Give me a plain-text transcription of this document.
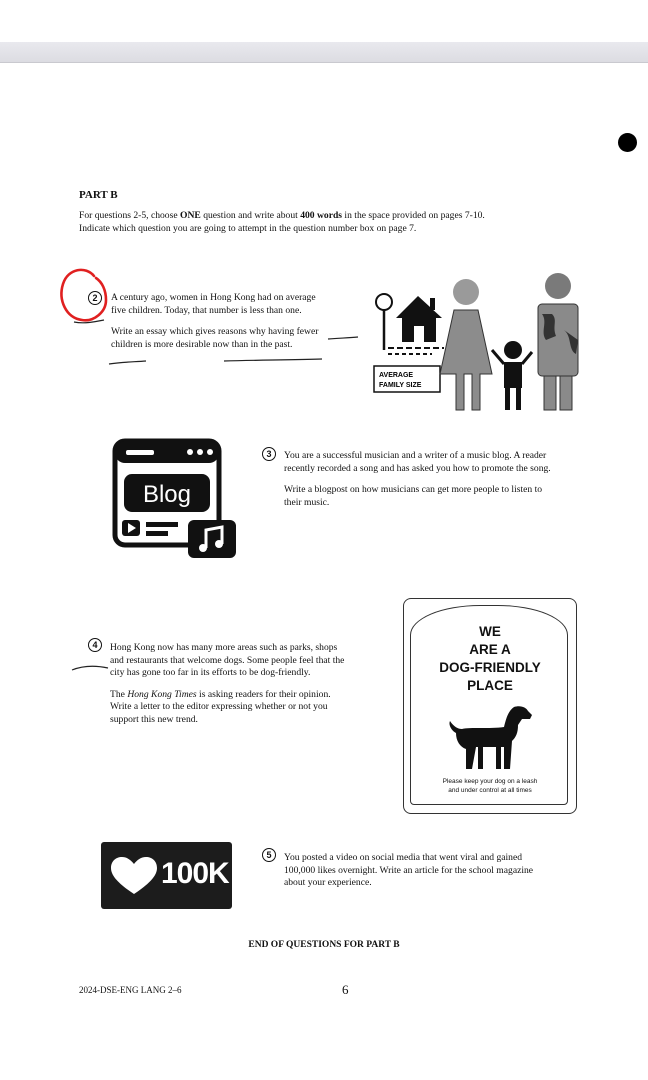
PART B
For questions 2-5, choose ONE question and write about 400 words in the space provided on pages 7-10.
Indicate which question you are going to attempt in the question number box on page 7.
2	A century ago, women in Hong Kong had on average
five children. Today, that number is less than one.
Write an essay which gives reasons why having fewer
children is more desirable now than in the past.
AVERAGE
FAMILY SIZE
Blog
3	You are a successful musician and a writer of a music blog. A reader
recently recorded a song and has asked you how to promote the song.
Write a blogpost on how musicians can get more people to listen to
their music.
4	Hong Kong now has many more areas such as parks, shops
and restaurants that welcome dogs. Some people feel that the
city has gone too far in its efforts to be dog-friendly.
The Hong Kong Times is asking readers for their opinion.
Write a letter to the editor expressing whether or not you
support this new trend.
WE
ARE A
DOG-FRIENDLY
PLACE
Please keep your dog on a leash
and under control at all times
100K
5	You posted a video on social media that went viral and gained
100,000 likes overnight. Write an article for the school magazine
about your experience.
END OF QUESTIONS FOR PART B
2024-DSE-ENG LANG 2–6	6
